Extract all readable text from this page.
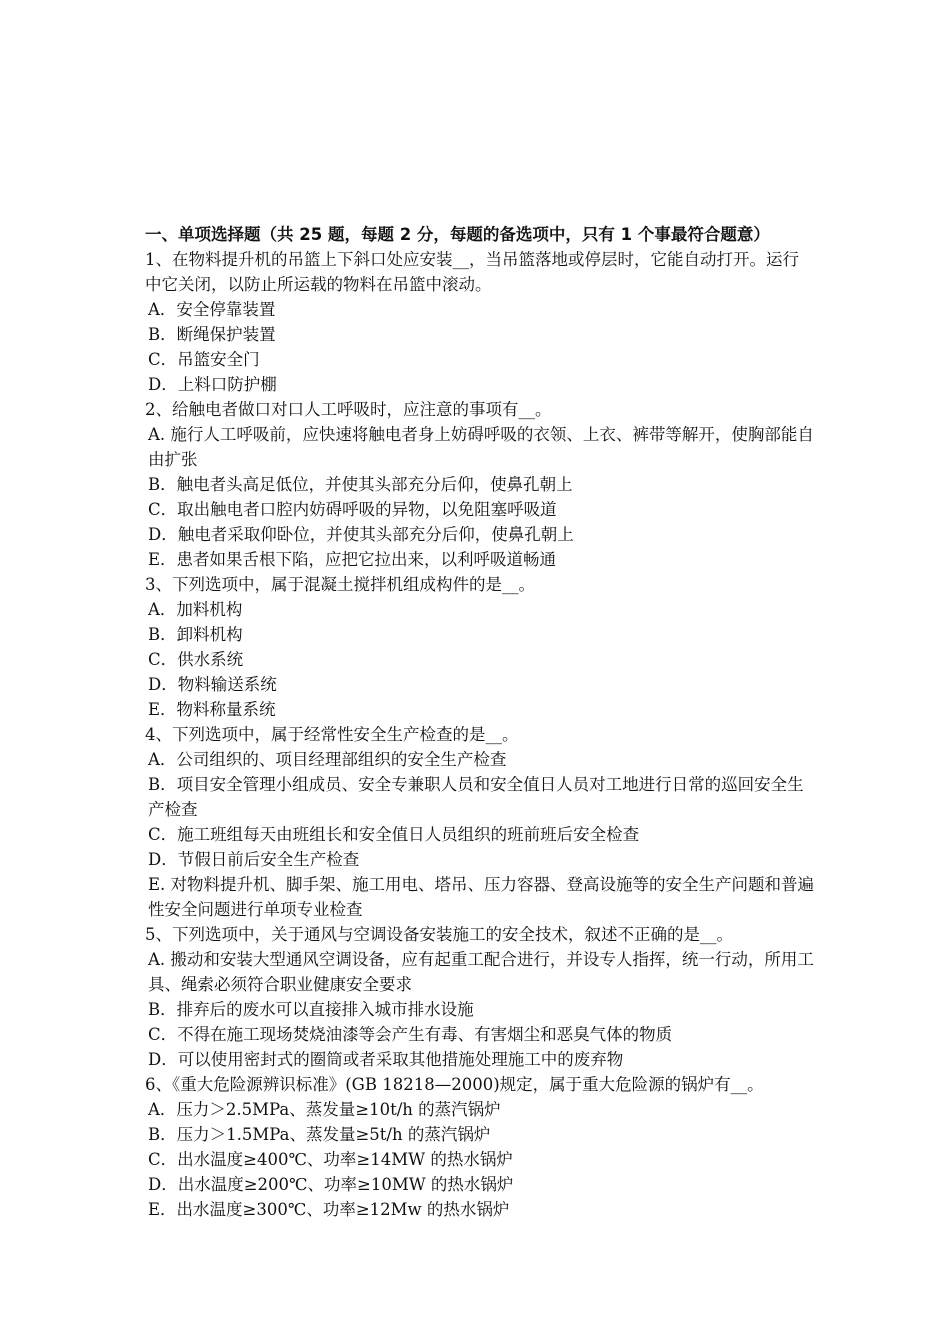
一、单项选择题（共 25 题，每题 2 分，每题的备选项中，只有 1 个事最符合题意）
1、在物料提升机的吊篮上下斜口处应安装__，当吊篮落地或停层时，它能自动打开。运行中它关闭，以防止所运载的物料在吊篮中滚动。
A．安全停靠装置
B．断绳保护装置
C．吊篮安全门
D．上料口防护棚
2、给触电者做口对口人工呼吸时，应注意的事项有__。
A. 施行人工呼吸前，应快速将触电者身上妨碍呼吸的衣领、上衣、裤带等解开，使胸部能自由扩张
B．触电者头高足低位，并使其头部充分后仰，使鼻孔朝上
C．取出触电者口腔内妨碍呼吸的异物，以免阻塞呼吸道
D．触电者采取仰卧位，并使其头部充分后仰，使鼻孔朝上
E．患者如果舌根下陷，应把它拉出来，以利呼吸道畅通
3、下列选项中，属于混凝土搅拌机组成构件的是__。
A．加料机构
B．卸料机构
C．供水系统
D．物料输送系统
E．物料称量系统
4、下列选项中，属于经常性安全生产检查的是__。
A．公司组织的、项目经理部组织的安全生产检查
B．项目安全管理小组成员、安全专兼职人员和安全值日人员对工地进行日常的巡回安全生产检查
C．施工班组每天由班组长和安全值日人员组织的班前班后安全检查
D．节假日前后安全生产检查
E. 对物料提升机、脚手架、施工用电、塔吊、压力容器、登高设施等的安全生产问题和普遍性安全问题进行单项专业检查
5、下列选项中，关于通风与空调设备安装施工的安全技术，叙述不正确的是__。
A. 搬动和安装大型通风空调设备，应有起重工配合进行，并设专人指挥，统一行动，所用工具、绳索必须符合职业健康安全要求
B．排弃后的废水可以直接排入城市排水设施
C．不得在施工现场焚烧油漆等会产生有毒、有害烟尘和恶臭气体的物质
D．可以使用密封式的圈筒或者采取其他措施处理施工中的废弃物
6、《重大危险源辨识标准》(GB 18218—2000)规定，属于重大危险源的锅炉有__。
A．压力＞2.5MPa、蒸发量≥10t/h 的蒸汽锅炉
B．压力＞1.5MPa、蒸发量≥5t/h 的蒸汽锅炉
C．出水温度≥400℃、功率≥14MW 的热水锅炉
D．出水温度≥200℃、功率≥10MW 的热水锅炉
E．出水温度≥300℃、功率≥12Mw 的热水锅炉
